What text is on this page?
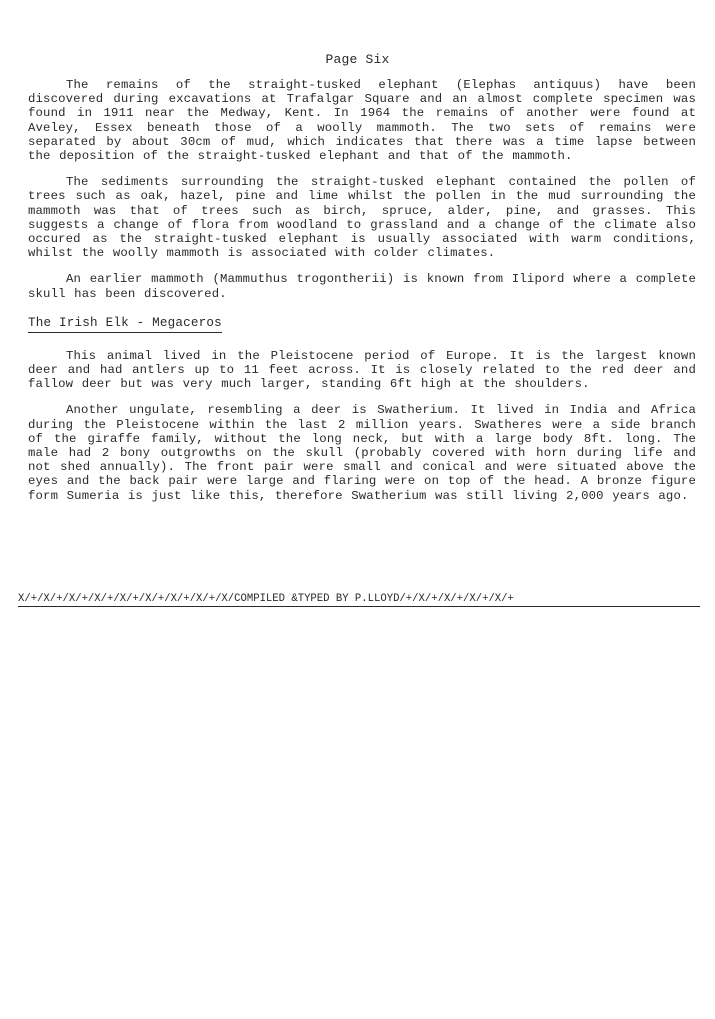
Page Six

The remains of the straight-tusked elephant (Elephas antiquus) have been discovered during excavations at Trafalgar Square and an almost complete specimen was found in 1911 near the Medway, Kent. In 1964 the remains of another were found at Aveley, Essex beneath those of a woolly mammoth. The two sets of remains were separated by about 30cm of mud, which indicates that there was a time lapse between the deposition of the straight-tusked elephant and that of the mammoth.

The sediments surrounding the straight-tusked elephant contained the pollen of trees such as oak, hazel, pine and lime whilst the pollen in the mud surrounding the mammoth was that of trees such as birch, spruce, alder, pine, and grasses. This suggests a change of flora from woodland to grassland and a change of the climate also occured as the straight-tusked elephant is usually associated with warm conditions, whilst the woolly mammoth is associated with colder climates.

An earlier mammoth (Mammuthus trogontherii) is known from Ilipord where a complete skull has been discovered.

The Irish Elk - Megaceros

This animal lived in the Pleistocene period of Europe. It is the largest known deer and had antlers up to 11 feet across. It is closely related to the red deer and fallow deer but was very much larger, standing 6ft high at the shoulders.

Another ungulate, resembling a deer is Swatherium. It lived in India and Africa during the Pleistocene within the last 2 million years. Swatheres were a side branch of the giraffe family, without the long neck, but with a large body 8ft. long. The male had 2 bony outgrowths on the skull (probably covered with horn during life and not shed annually). The front pair were small and conical and were situated above the eyes and the back pair were large and flaring were on top of the head. A bronze figure form Sumeria is just like this, therefore Swatherium was still living 2,000 years ago.

X/+/X/+/X/+/X/+/X/+/X/+/X/+/X/+/X/COMPILED &TYPED BY P.LLOYD/+/X/+/X/+/X/+/X/+
